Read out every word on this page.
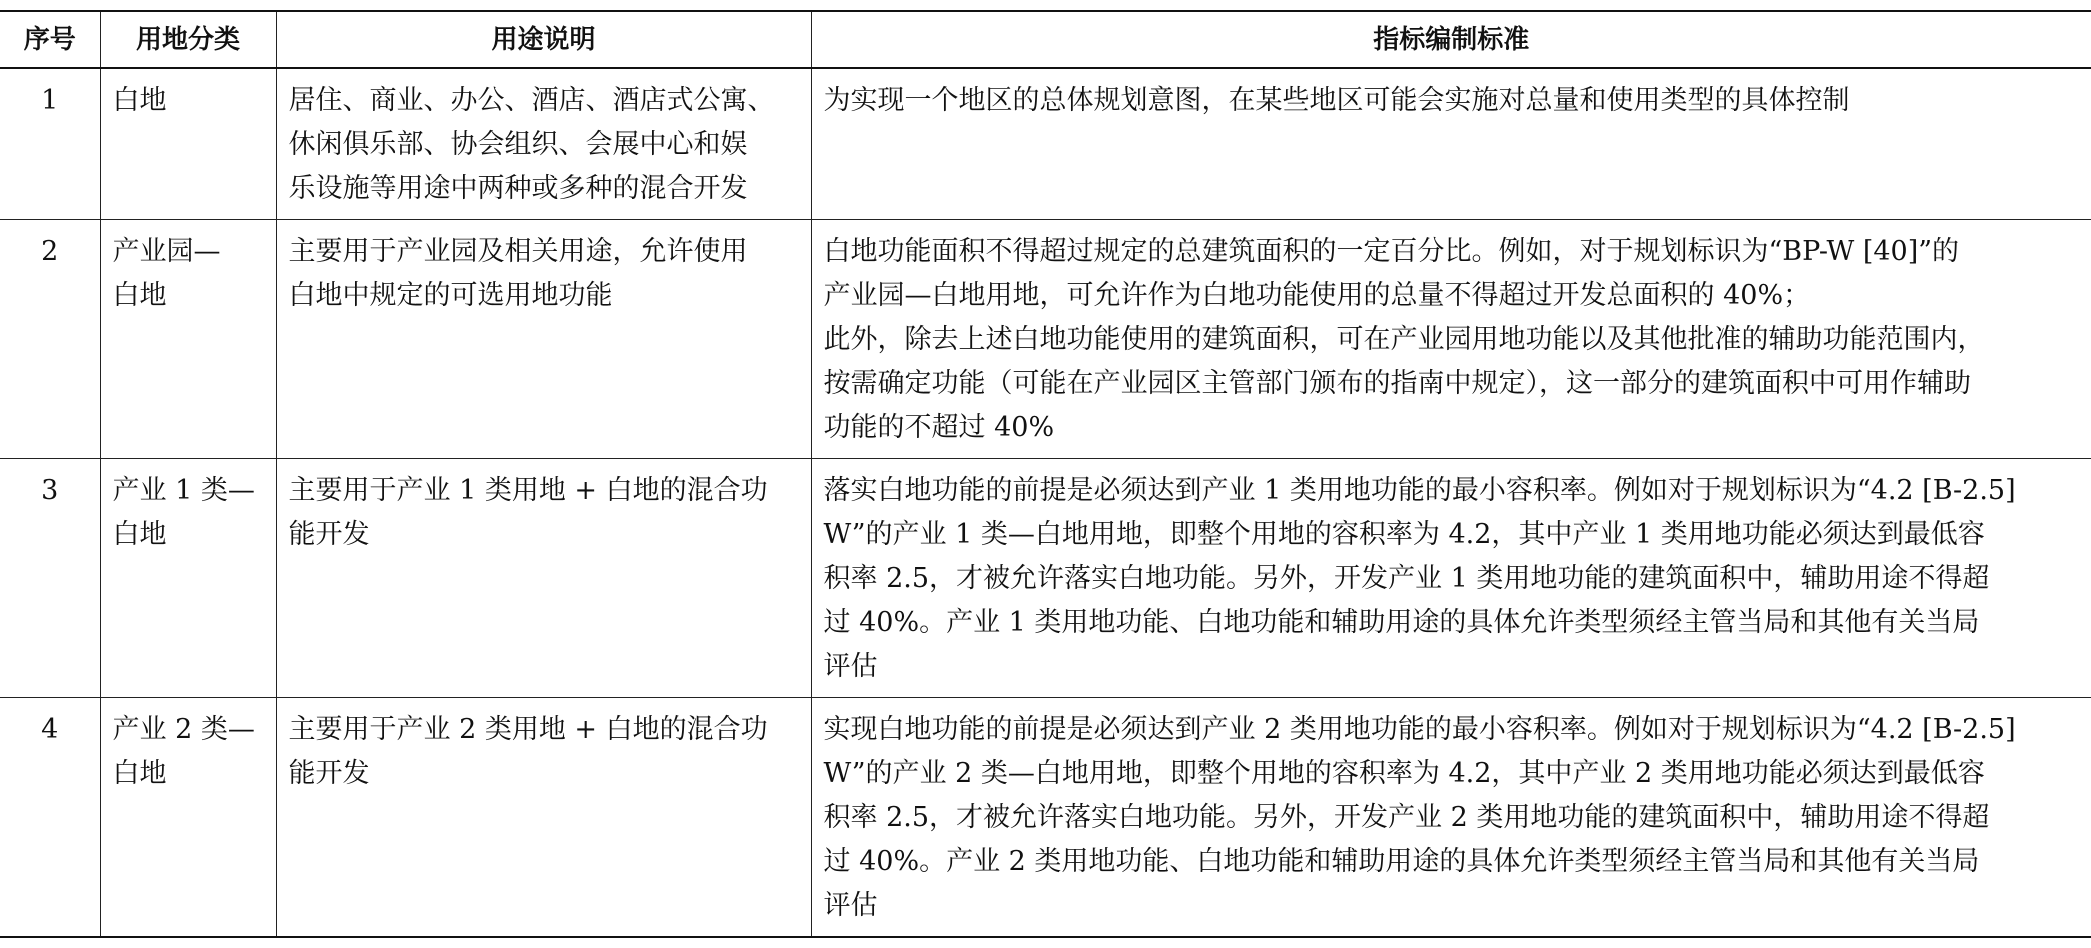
序号	用地分类	用途说明	指标编制标准

1	白地	居住、商业、办公、酒店、酒店式公寓、
休闲俱乐部、协会组织、会展中心和娱
乐设施等用途中两种或多种的混合开发	为实现一个地区的总体规划意图，在某些地区可能会实施对总量和使用类型的具体控制

2	产业园—
白地	主要用于产业园及相关用途，允许使用
白地中规定的可选用地功能	白地功能面积不得超过规定的总建筑面积的一定百分比。例如，对于规划标识为“BP-W [40]”的
产业园—白地用地，可允许作为白地功能使用的总量不得超过开发总面积的 40%；
此外，除去上述白地功能使用的建筑面积，可在产业园用地功能以及其他批准的辅助功能范围内，
按需确定功能（可能在产业园区主管部门颁布的指南中规定），这一部分的建筑面积中可用作辅助
功能的不超过 40%

3	产业 1 类—
白地	主要用于产业 1 类用地 + 白地的混合功
能开发	落实白地功能的前提是必须达到产业 1 类用地功能的最小容积率。例如对于规划标识为“4.2 [B-2.5]
W”的产业 1 类—白地用地，即整个用地的容积率为 4.2，其中产业 1 类用地功能必须达到最低容
积率 2.5，才被允许落实白地功能。另外，开发产业 1 类用地功能的建筑面积中，辅助用途不得超
过 40%。产业 1 类用地功能、白地功能和辅助用途的具体允许类型须经主管当局和其他有关当局
评估

4	产业 2 类—
白地	主要用于产业 2 类用地 + 白地的混合功
能开发	实现白地功能的前提是必须达到产业 2 类用地功能的最小容积率。例如对于规划标识为“4.2 [B-2.5]
W”的产业 2 类—白地用地，即整个用地的容积率为 4.2，其中产业 2 类用地功能必须达到最低容
积率 2.5，才被允许落实白地功能。另外，开发产业 2 类用地功能的建筑面积中，辅助用途不得超
过 40%。产业 2 类用地功能、白地功能和辅助用途的具体允许类型须经主管当局和其他有关当局
评估
